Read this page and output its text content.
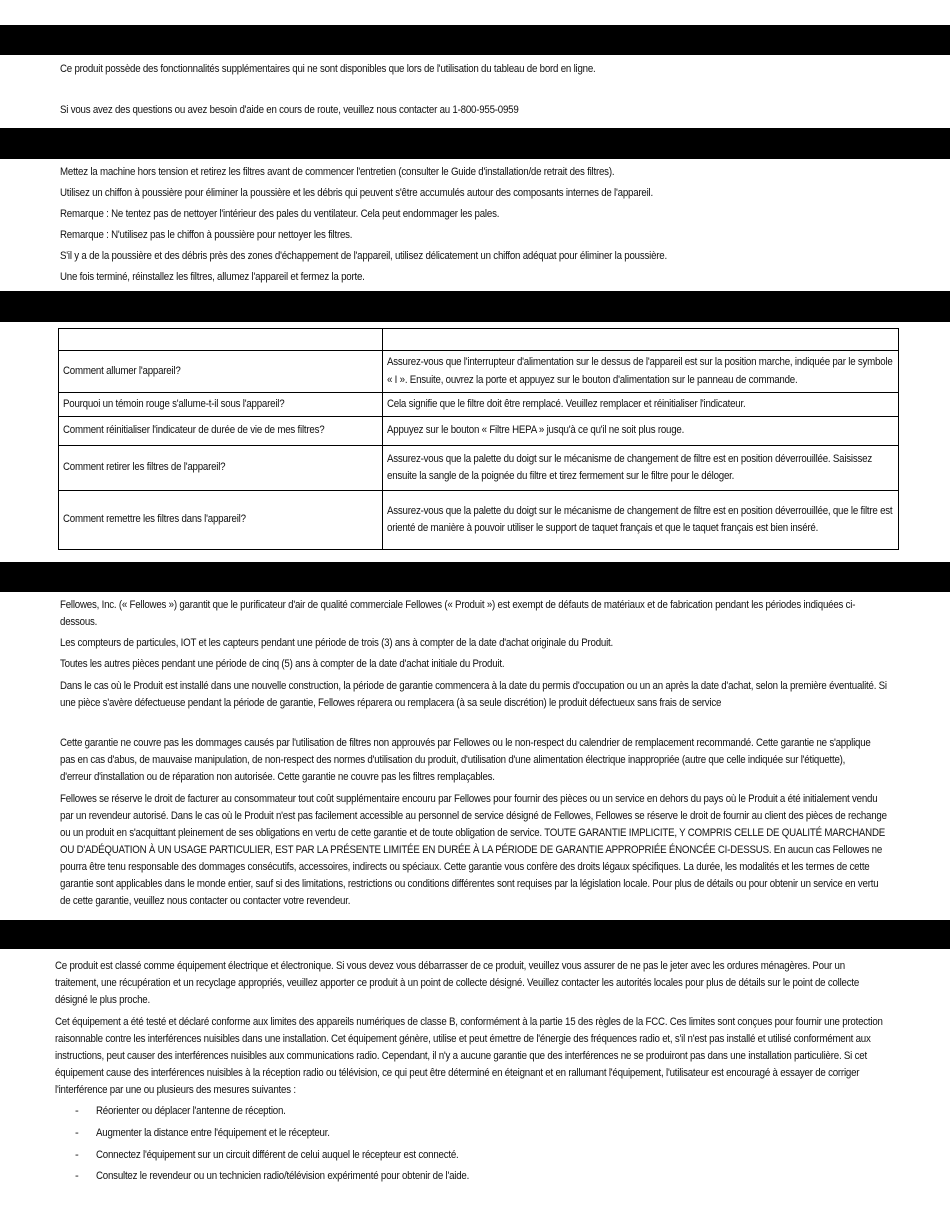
Ce produit possède des fonctionnalités supplémentaires qui ne sont disponibles que lors de l'utilisation du tableau de bord en ligne.
Si vous avez des questions ou avez besoin d'aide en cours de route, veuillez nous contacter au 1-800-955-0959
Mettez la machine hors tension et retirez les filtres avant de commencer l'entretien (consulter le Guide d'installation/de retrait des filtres).
Utilisez un chiffon à poussière pour éliminer la poussière et les débris qui peuvent s'être accumulés autour des composants internes de l'appareil.
Remarque : Ne tentez pas de nettoyer l'intérieur des pales du ventilateur. Cela peut endommager les pales.
Remarque : N'utilisez pas le chiffon à poussière pour nettoyer les filtres.
S'il y a de la poussière et des débris près des zones d'échappement de l'appareil, utilisez délicatement un chiffon adéquat pour éliminer la poussière.
Une fois terminé, réinstallez les filtres, allumez l'appareil et fermez la porte.

Comment allumer l'appareil?	Assurez-vous que l'interrupteur d'alimentation sur le dessus de l'appareil est sur la position marche, indiquée par le symbole « I ». Ensuite, ouvrez la porte et appuyez sur le bouton d'alimentation sur le panneau de commande.

Pourquoi un témoin rouge s'allume-t-il sous l'appareil?	Cela signifie que le filtre doit être remplacé. Veuillez remplacer et réinitialiser l'indicateur.

Comment réinitialiser l'indicateur de durée de vie de mes filtres?	Appuyez sur le bouton « Filtre HEPA » jusqu'à ce qu'il ne soit plus rouge.

Comment retirer les filtres de l'appareil?	Assurez-vous que la palette du doigt sur le mécanisme de changement de filtre est en position déverrouillée. Saisissez ensuite la sangle de la poignée du filtre et tirez fermement sur le filtre pour le déloger.

Comment remettre les filtres dans l'appareil?	Assurez-vous que la palette du doigt sur le mécanisme de changement de filtre est en position déverrouillée, que le filtre est orienté de manière à pouvoir utiliser le support de taquet français et que le taquet français est bien inséré.
Fellowes, Inc. (« Fellowes ») garantit que le purificateur d'air de qualité commerciale Fellowes (« Produit ») est exempt de défauts de matériaux et de fabrication pendant les périodes indiquées ci-dessous.
Les compteurs de particules, IOT et les capteurs pendant une période de trois (3) ans à compter de la date d'achat originale du Produit.
Toutes les autres pièces pendant une période de cinq (5) ans à compter de la date d'achat initiale du Produit.
Dans le cas où le Produit est installé dans une nouvelle construction, la période de garantie commencera à la date du permis d'occupation ou un an après la date d'achat, selon la première éventualité. Si une pièce s'avère défectueuse pendant la période de garantie, Fellowes réparera ou remplacera (à sa seule discrétion) le produit défectueux sans frais de service
Cette garantie ne couvre pas les dommages causés par l'utilisation de filtres non approuvés par Fellowes ou le non-respect du calendrier de remplacement recommandé. Cette garantie ne s'applique pas en cas d'abus, de mauvaise manipulation, de non-respect des normes d'utilisation du produit, d'utilisation d'une alimentation électrique inappropriée (autre que celle indiquée sur l'étiquette), d'erreur d'installation ou de réparation non autorisée. Cette garantie ne couvre pas les filtres remplaçables.
Fellowes se réserve le droit de facturer au consommateur tout coût supplémentaire encouru par Fellowes pour fournir des pièces ou un service en dehors du pays où le Produit a été initialement vendu par un revendeur autorisé. Dans le cas où le Produit n'est pas facilement accessible au personnel de service désigné de Fellowes, Fellowes se réserve le droit de fournir au client des pièces de rechange ou un produit en s'acquittant pleinement de ses obligations en vertu de cette garantie et de toute obligation de service. TOUTE GARANTIE IMPLICITE, Y COMPRIS CELLE DE QUALITÉ MARCHANDE OU D'ADÉQUATION À UN USAGE PARTICULIER, EST PAR LA PRÉSENTE LIMITÉE EN DURÉE À LA PÉRIODE DE GARANTIE APPROPRIÉE ÉNONCÉE CI-DESSUS. En aucun cas Fellowes ne pourra être tenu responsable des dommages consécutifs, accessoires, indirects ou spéciaux. Cette garantie vous confère des droits légaux spécifiques. La durée, les modalités et les termes de cette garantie sont applicables dans le monde entier, sauf si des limitations, restrictions ou conditions différentes sont requises par la législation locale. Pour plus de détails ou pour obtenir un service en vertu de cette garantie, veuillez nous contacter ou contacter votre revendeur.
Ce produit est classé comme équipement électrique et électronique. Si vous devez vous débarrasser de ce produit, veuillez vous assurer de ne pas le jeter avec les ordures ménagères. Pour un traitement, une récupération et un recyclage appropriés, veuillez apporter ce produit à un point de collecte désigné. Veuillez contacter les autorités locales pour plus de détails sur le point de collecte désigné le plus proche.
Cet équipement a été testé et déclaré conforme aux limites des appareils numériques de classe B, conformément à la partie 15 des règles de la FCC. Ces limites sont conçues pour fournir une protection raisonnable contre les interférences nuisibles dans une installation. Cet équipement génère, utilise et peut émettre de l'énergie des fréquences radio et, s'il n'est pas installé et utilisé conformément aux instructions, peut causer des interférences nuisibles aux communications radio. Cependant, il n'y a aucune garantie que des interférences ne se produiront pas dans une installation particulière. Si cet équipement cause des interférences nuisibles à la réception radio ou télévision, ce qui peut être déterminé en éteignant et en rallumant l'équipement, l'utilisateur est encouragé à essayer de corriger l'interférence par une ou plusieurs des mesures suivantes :
- Réorienter ou déplacer l'antenne de réception.
- Augmenter la distance entre l'équipement et le récepteur.
- Connectez l'équipement sur un circuit différent de celui auquel le récepteur est connecté.
- Consultez le revendeur ou un technicien radio/télévision expérimenté pour obtenir de l'aide.
